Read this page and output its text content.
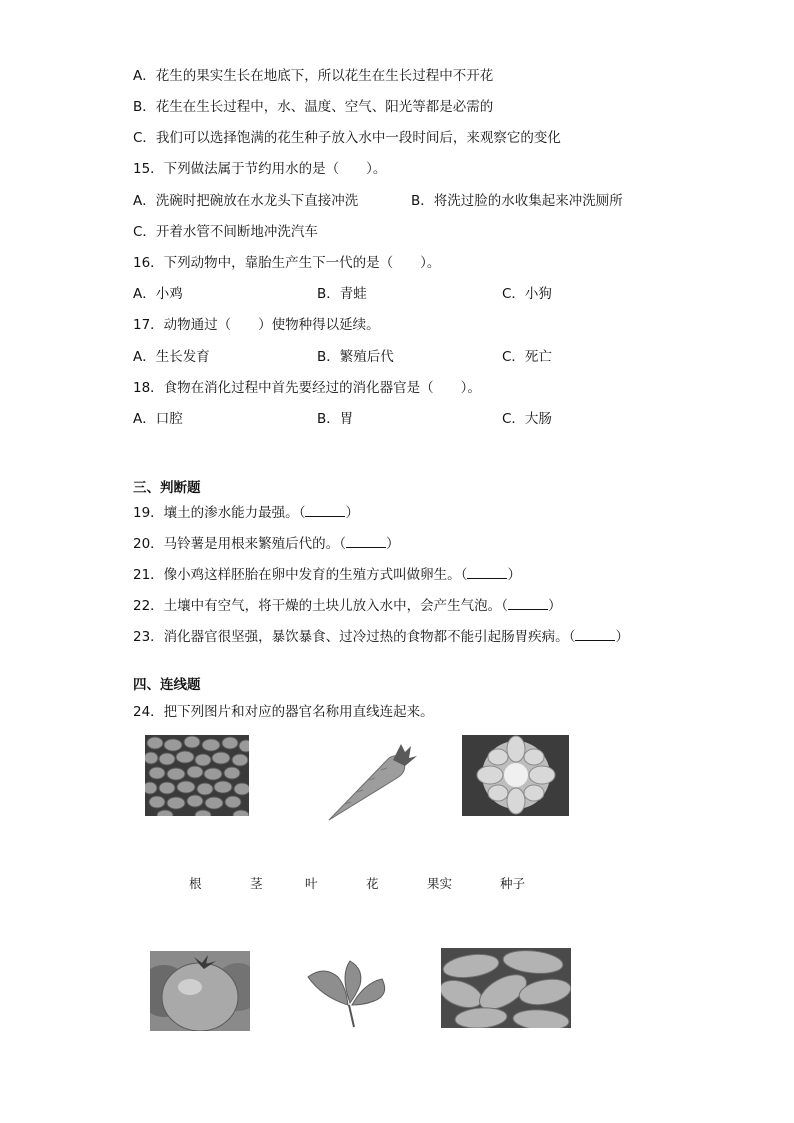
A．花生的果实生长在地底下，所以花生在生长过程中不开花
B．花生在生长过程中，水、温度、空气、阳光等都是必需的
C．我们可以选择饱满的花生种子放入水中一段时间后，来观察它的变化
15．下列做法属于节约用水的是（　　）。
A．洗碗时把碗放在水龙头下直接冲洗	B．将洗过脸的水收集起来冲洗厕所
C．开着水管不间断地冲洗汽车
16．下列动物中，靠胎生产生下一代的是（　　）。
A．小鸡	B．青蛙	C．小狗
17．动物通过（　　）使物种得以延续。
A．生长发育	B．繁殖后代	C．死亡
18．食物在消化过程中首先要经过的消化器官是（　　）。
A．口腔	B．胃	C．大肠
三、判断题
19．壤土的渗水能力最强。（	）
20．马铃薯是用根来繁殖后代的。（	）
21．像小鸡这样胚胎在卵中发育的生殖方式叫做卵生。（	）
22．土壤中有空气，将干燥的土块儿放入水中，会产生气泡。（	）
23．消化器官很坚强，暴饮暴食、过冷过热的食物都不能引起肠胃疾病。（	）
四、连线题
24．把下列图片和对应的器官名称用直线连起来。
根	茎	叶	花	果实	种子
